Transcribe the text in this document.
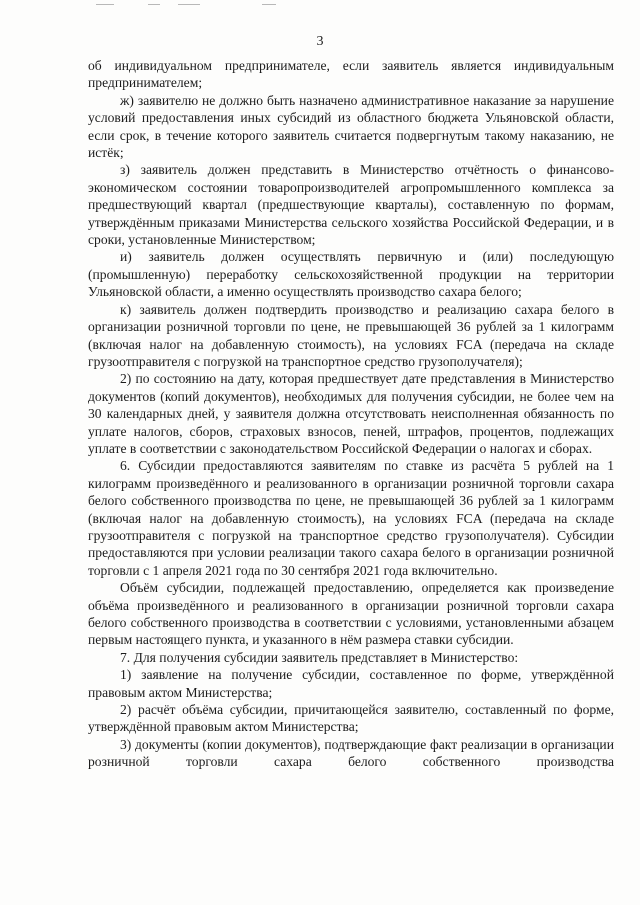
3

об индивидуальном предпринимателе, если заявитель является индивидуальным предпринимателем;

ж) заявителю не должно быть назначено административное наказание за нарушение условий предоставления иных субсидий из областного бюджета Ульяновской области, если срок, в течение которого заявитель считается подвергнутым такому наказанию, не истёк;

з) заявитель должен представить в Министерство отчётность о финансово-экономическом состоянии товаропроизводителей агропромышленного комплекса за предшествующий квартал (предшествующие кварталы), составленную по формам, утверждённым приказами Министерства сельского хозяйства Российской Федерации, и в сроки, установленные Министерством;

и) заявитель должен осуществлять первичную и (или) последующую (промышленную) переработку сельскохозяйственной продукции на территории Ульяновской области, а именно осуществлять производство сахара белого;

к) заявитель должен подтвердить производство и реализацию сахара белого в организации розничной торговли по цене, не превышающей 36 рублей за 1 килограмм (включая налог на добавленную стоимость), на условиях FCA (передача на складе грузоотправителя с погрузкой на транспортное средство грузополучателя);

2) по состоянию на дату, которая предшествует дате представления в Министерство документов (копий документов), необходимых для получения субсидии, не более чем на 30 календарных дней, у заявителя должна отсутствовать неисполненная обязанность по уплате налогов, сборов, страховых взносов, пеней, штрафов, процентов, подлежащих уплате в соответствии с законодательством Российской Федерации о налогах и сборах.

6. Субсидии предоставляются заявителям по ставке из расчёта 5 рублей на 1 килограмм произведённого и реализованного в организации розничной торговли сахара белого собственного производства по цене, не превышающей 36 рублей за 1 килограмм (включая налог на добавленную стоимость), на условиях FCA (передача на складе грузоотправителя с погрузкой на транспортное средство грузополучателя). Субсидии предоставляются при условии реализации такого сахара белого в организации розничной торговли с 1 апреля 2021 года по 30 сентября 2021 года включительно.

Объём субсидии, подлежащей предоставлению, определяется как произведение объёма произведённого и реализованного в организации розничной торговли сахара белого собственного производства в соответствии с условиями, установленными абзацем первым настоящего пункта, и указанного в нём размера ставки субсидии.

7. Для получения субсидии заявитель представляет в Министерство:

1) заявление на получение субсидии, составленное по форме, утверждённой правовым актом Министерства;

2) расчёт объёма субсидии, причитающейся заявителю, составленный по форме, утверждённой правовым актом Министерства;

3) документы (копии документов), подтверждающие факт реализации в организации розничной торговли сахара белого собственного производства
